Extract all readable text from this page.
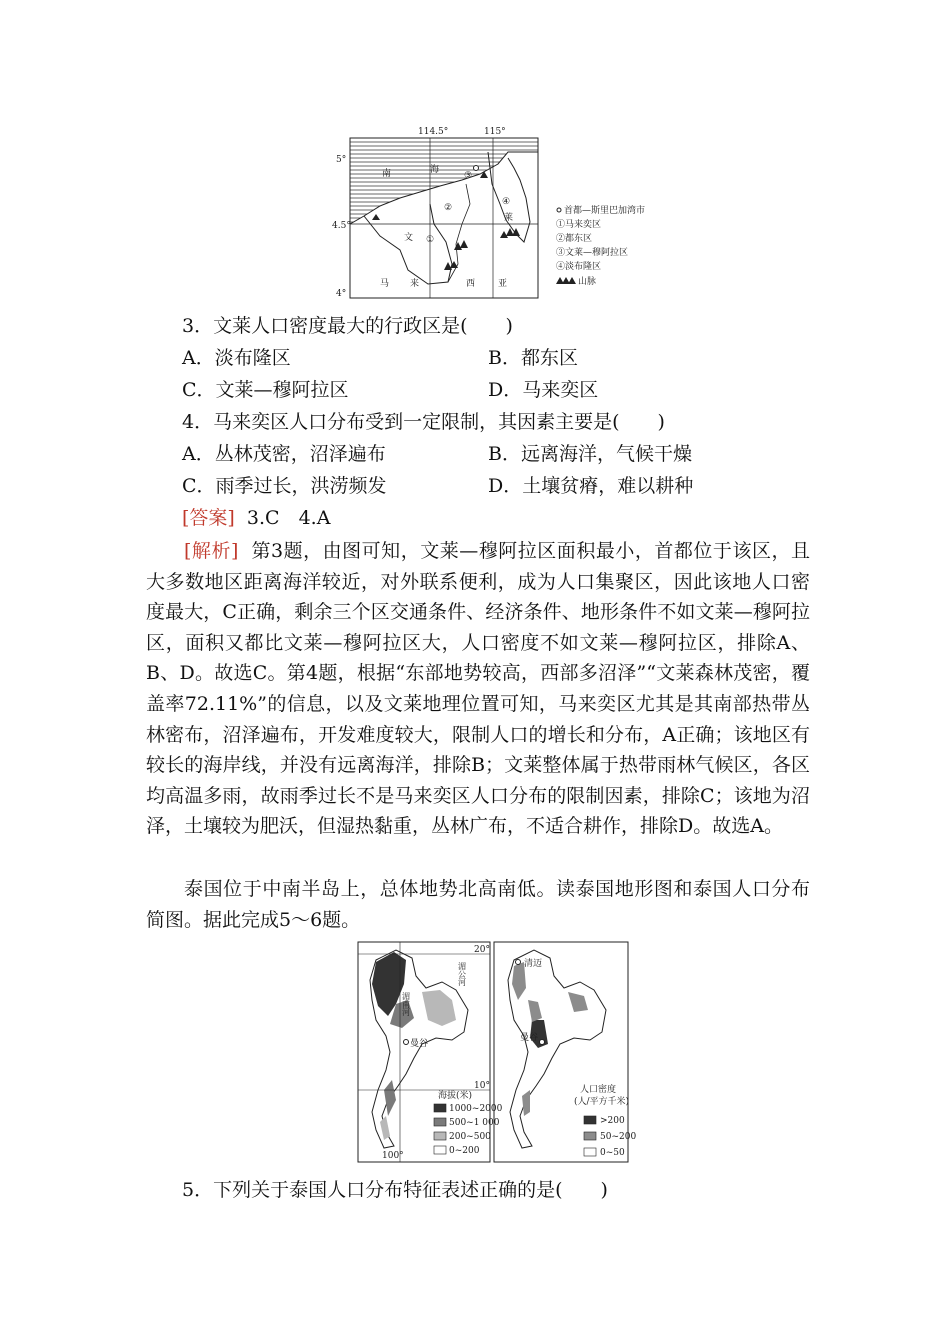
114.5°	115°
5°
4.5°
4°
南	海
文
莱
马 来	西	亚
①
②
③
④
首都—斯里巴加湾市
①马来奕区
②都东区
③文莱—穆阿拉区
④淡布隆区
山脉
3．文莱人口密度最大的行政区是(　　)
A．淡布隆区	B．都东区
C．文莱—穆阿拉区	D．马来奕区
4．马来奕区人口分布受到一定限制，其因素主要是(　　)
A．丛林茂密，沼泽遍布	B．远离海洋，气候干燥
C．雨季过长，洪涝频发	D．土壤贫瘠，难以耕种
[答案] 3.C　4.A

[解析] 第3题，由图可知，文莱—穆阿拉区面积最小，首都位于该区，且大多数地区距离海洋较近，对外联系便利，成为人口集聚区，因此该地人口密度最大，C正确，剩余三个区交通条件、经济条件、地形条件不如文莱—穆阿拉区，面积又都比文莱—穆阿拉区大，人口密度不如文莱—穆阿拉区，排除A、B、D。故选C。第4题，根据“东部地势较高，西部多沼泽”“文莱森林茂密，覆盖率72.11%”的信息，以及文莱地理位置可知，马来奕区尤其是其南部热带丛林密布，沼泽遍布，开发难度较大，限制人口的增长和分布，A正确；该地区有较长的海岸线，并没有远离海洋，排除B；文莱整体属于热带雨林气候区，各区均高温多雨，故雨季过长不是马来奕区人口分布的限制因素，排除C；该地为沼泽，土壤较为肥沃，但湿热黏重，丛林广布，不适合耕作，排除D。故选A。

泰国位于中南半岛上，总体地势北高南低。读泰国地形图和泰国人口分布简图。据此完成5～6题。

曼谷
20°
10°
100°
湄南河
湄公河
海拔(米)
1000~2000
500~1 000
200~500
0~200
清迈
曼谷
人口密度
(人/平方千米)
>200
50~200
0~50
5．下列关于泰国人口分布特征表述正确的是(　　)
